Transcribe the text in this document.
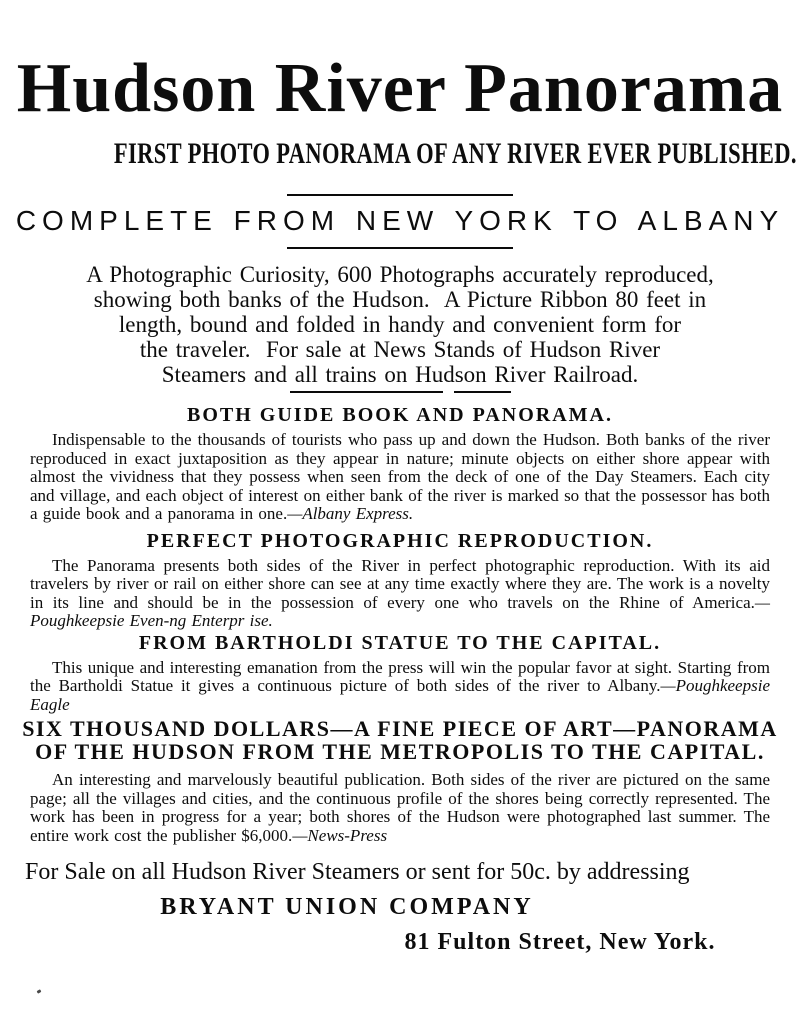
Hudson River Panorama
FIRST PHOTO PANORAMA OF ANY RIVER EVER PUBLISHED.
COMPLETE FROM NEW YORK TO ALBANY
A Photographic Curiosity, 600 Photographs accurately reproduced,
showing both banks of the Hudson.  A Picture Ribbon 80 feet in
length, bound and folded in handy and convenient form for
the traveler.  For sale at News Stands of Hudson River
Steamers and all trains on Hudson River Railroad.
BOTH GUIDE BOOK AND PANORAMA.

Indispensable to the thousands of tourists who pass up and down the Hudson. Both banks of the river reproduced in exact juxtaposition as they appear in nature; minute objects on either shore appear with almost the vividness that they possess when seen from the deck of one of the Day Steamers. Each city and village, and each object of interest on either bank of the river is marked so that the possessor has both a guide book and a panorama in one.—Albany Express.

PERFECT PHOTOGRAPHIC REPRODUCTION.

The Panorama presents both sides of the River in perfect photographic reproduction. With its aid travelers by river or rail on either shore can see at any time exactly where they are. The work is a novelty in its line and should be in the possession of every one who travels on the Rhine of America.—Poughkeepsie Even-ng Enterpr ise.

FROM BARTHOLDI STATUE TO THE CAPITAL.

This unique and interesting emanation from the press will win the popular favor at sight. Starting from the Bartholdi Statue it gives a continuous picture of both sides of the river to Albany.—Poughkeepsie Eagle

SIX THOUSAND DOLLARS—A FINE PIECE OF ART—PANORAMA
OF THE HUDSON FROM THE METROPOLIS TO THE CAPITAL.

An interesting and marvelously beautiful publication. Both sides of the river are pictured on the same page; all the villages and cities, and the continuous profile of the shores being correctly represented. The work has been in progress for a year; both shores of the Hudson were photographed last summer. The entire work cost the publisher $6,000.—News-Press

For Sale on all Hudson River Steamers or sent for 50c. by addressing

BRYANT UNION COMPANY

81 Fulton Street, New York.
